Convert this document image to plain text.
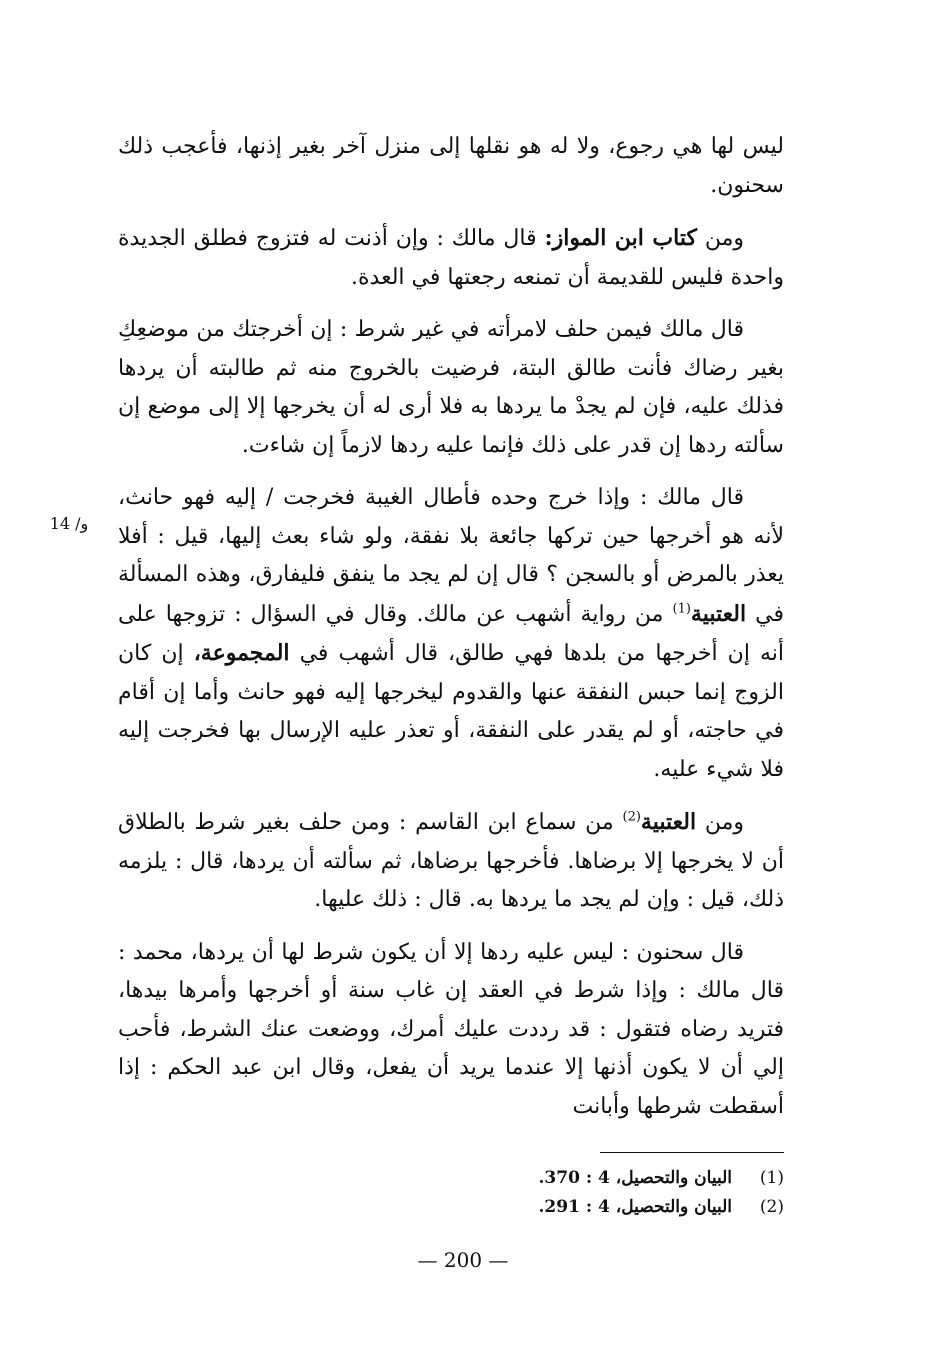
ليس لها هي رجوع، ولا له هو نقلها إلى منزل آخر بغير إذنها، فأعجب ذلك سحنون.

ومن كتاب ابن المواز: قال مالك : وإن أذنت له فتزوج فطلق الجديدة واحدة فليس للقديمة أن تمنعه رجعتها في العدة.

قال مالك فيمن حلف لامرأته في غير شرط : إن أخرجتك من موضعِكِ بغير رضاك فأنت طالق البتة، فرضيت بالخروج منه ثم طالبته أن يردها فذلك عليه، فإن لم يجدْ ما يردها به فلا أرى له أن يخرجها إلا إلى موضع إن سألته ردها إن قدر على ذلك فإنما عليه ردها لازماً إن شاءت.

قال مالك : وإذا خرج وحده فأطال الغيبة فخرجت / إليه فهو حانث، لأنه هو أخرجها حين تركها جائعة بلا نفقة، ولو شاء بعث إليها، قيل : أفلا يعذر بالمرض أو بالسجن ؟ قال إن لم يجد ما ينفق فليفارق، وهذه المسألة في العتبية$^{(1)}$ من رواية أشهب عن مالك. وقال في السؤال : تزوجها على أنه إن أخرجها من بلدها فهي طالق، قال أشهب في المجموعة، إن كان الزوج إنما حبس النفقة عنها والقدوم ليخرجها إليه فهو حانث وأما إن أقام في حاجته، أو لم يقدر على النفقة، أو تعذر عليه الإرسال بها فخرجت إليه فلا شيء عليه.

ومن العتبية$^{(2)}$ من سماع ابن القاسم : ومن حلف بغير شرط بالطلاق أن لا يخرجها إلا برضاها. فأخرجها برضاها، ثم سألته أن يردها، قال : يلزمه ذلك، قيل : وإن لم يجد ما يردها به. قال : ذلك عليها.

قال سحنون : ليس عليه ردها إلا أن يكون شرط لها أن يردها، محمد : قال مالك : وإذا شرط في العقد إن غاب سنة أو أخرجها وأمرها بيدها، فتريد رضاه فتقول : قد رددت عليك أمرك، ووضعت عنك الشرط، فأحب إلي أن لا يكون أذنها إلا عندما يريد أن يفعل، وقال ابن عبد الحكم : إذا أسقطت شرطها وأبانت

14 /و
(1)
البيان والتحصيل، 4 : 370.
(2)
البيان والتحصيل، 4 : 291.
— 200 —
